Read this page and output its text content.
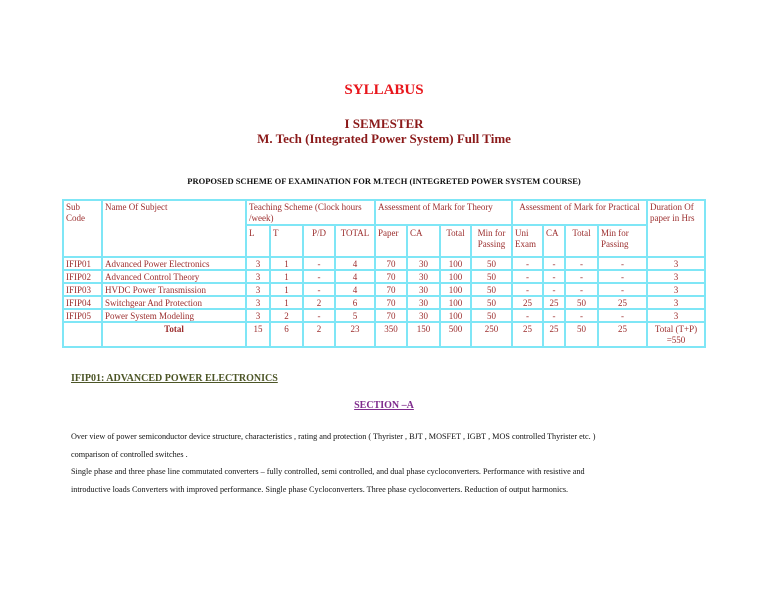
SYLLABUS
I SEMESTER
M. Tech (Integrated Power System) Full Time
PROPOSED SCHEME OF EXAMINATION FOR M.TECH (INTEGRETED POWER SYSTEM COURSE)
Sub Code	Name Of Subject	Teaching Scheme (Clock hours /week)				Assessment of Mark for Theory				Assessment of Mark for Practical				Duration Of paper in Hrs
		L	T	P/D	TOTAL	Paper	CA	Total	Min for Passing	Uni Exam	CA	Total	Min for Passing	
IFIP01	Advanced Power Electronics	3	1	-	4	70	30	100	50	-	-	-	-	3
IFIP02	Advanced Control Theory	3	1	-	4	70	30	100	50	-	-	-	-	3
IFIP03	HVDC Power Transmission	3	1	-	4	70	30	100	50	-	-	-	-	3
IFIP04	Switchgear And Protection	3	1	2	6	70	30	100	50	25	25	50	25	3
IFIP05	Power System Modeling	3	2	-	5	70	30	100	50	-	-	-	-	3
	Total	15	6	2	23	350	150	500	250	25	25	50	25	Total (T+P) =550
IFIP01: ADVANCED POWER ELECTRONICS
SECTION –A
Over view of power semiconductor device structure, characteristics , rating and protection ( Thyrister , BJT , MOSFET , IGBT , MOS controlled Thyrister etc. )
comparison of controlled switches .
Single phase and three phase line commutated converters – fully controlled, semi controlled, and dual phase cycloconverters. Performance with resistive and
introductive loads Converters with improved performance. Single phase Cycloconverters. Three phase cycloconverters. Reduction of output harmonics.
